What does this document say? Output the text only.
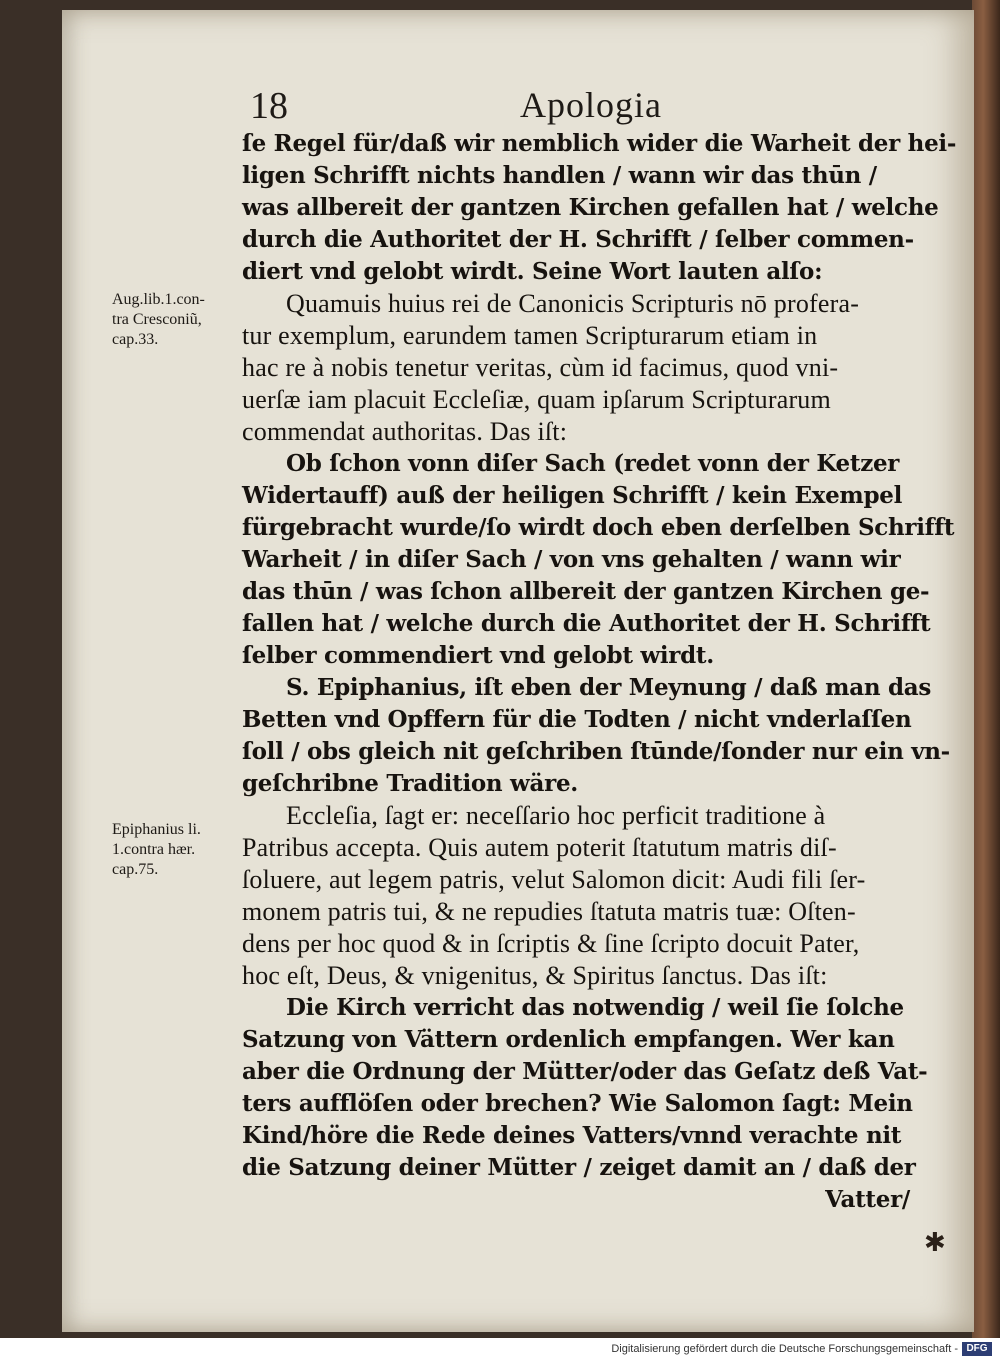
18	Apologia
Aug.lib.1.con-
tra Cresconiũ,
cap.33.
Epiphanius li.
1.contra hær.
cap.75.
ſe Regel für/daß wir nemblich wider die Warheit der hei-
ligen Schrifft nichts handlen / wann wir das thūn /
was allbereit der gantzen Kirchen gefallen hat / welche
durch die Authoritet der H. Schrifft / ſelber commen-
diert vnd gelobt wirdt. Seine Wort lauten alſo:
Quamuis huius rei de Canonicis Scripturis nō profera-
tur exemplum, earundem tamen Scripturarum etiam in
hac re à nobis tenetur veritas, cùm id facimus, quod vni-
uerſæ iam placuit Eccleſiæ, quam ipſarum Scripturarum
commendat authoritas. Das iſt:
Ob ſchon vonn diſer Sach (redet vonn der Ketzer
Widertauff) auß der heiligen Schrifft / kein Exempel
fürgebracht wurde/ſo wirdt doch eben derſelben Schrifft
Warheit / in diſer Sach / von vns gehalten / wann wir
das thūn / was ſchon allbereit der gantzen Kirchen ge-
fallen hat / welche durch die Authoritet der H. Schrifft
ſelber commendiert vnd gelobt wirdt.
S. Epiphanius, iſt eben der Meynung / daß man das
Betten vnd Opffern für die Todten / nicht vnderlaſſen
ſoll / obs gleich nit geſchriben ſtūnde/ſonder nur ein vn-
geſchribne Tradition wäre.
Eccleſia, ſagt er: neceſſario hoc perficit traditione à
Patribus accepta. Quis autem poterit ſtatutum matris diſ-
ſoluere, aut legem patris, velut Salomon dicit: Audi fili ſer-
monem patris tui, & ne repudies ſtatuta matris tuæ: Oſten-
dens per hoc quod & in ſcriptis & ſine ſcripto docuit Pater,
hoc eſt, Deus, & vnigenitus, & Spiritus ſanctus. Das iſt:
Die Kirch verricht das notwendig / weil ſie ſolche
Satzung von Vättern ordenlich empfangen. Wer kan
aber die Ordnung der Mütter/oder das Geſatz deß Vat-
ters aufflöſen oder brechen? Wie Salomon ſagt: Mein
Kind/höre die Rede deines Vatters/vnnd verachte nit
die Satzung deiner Mütter / zeiget damit an / daß der
Vatter/
✱
Digitalisierung gefördert durch die Deutsche Forschungsgemeinschaft - DFG
